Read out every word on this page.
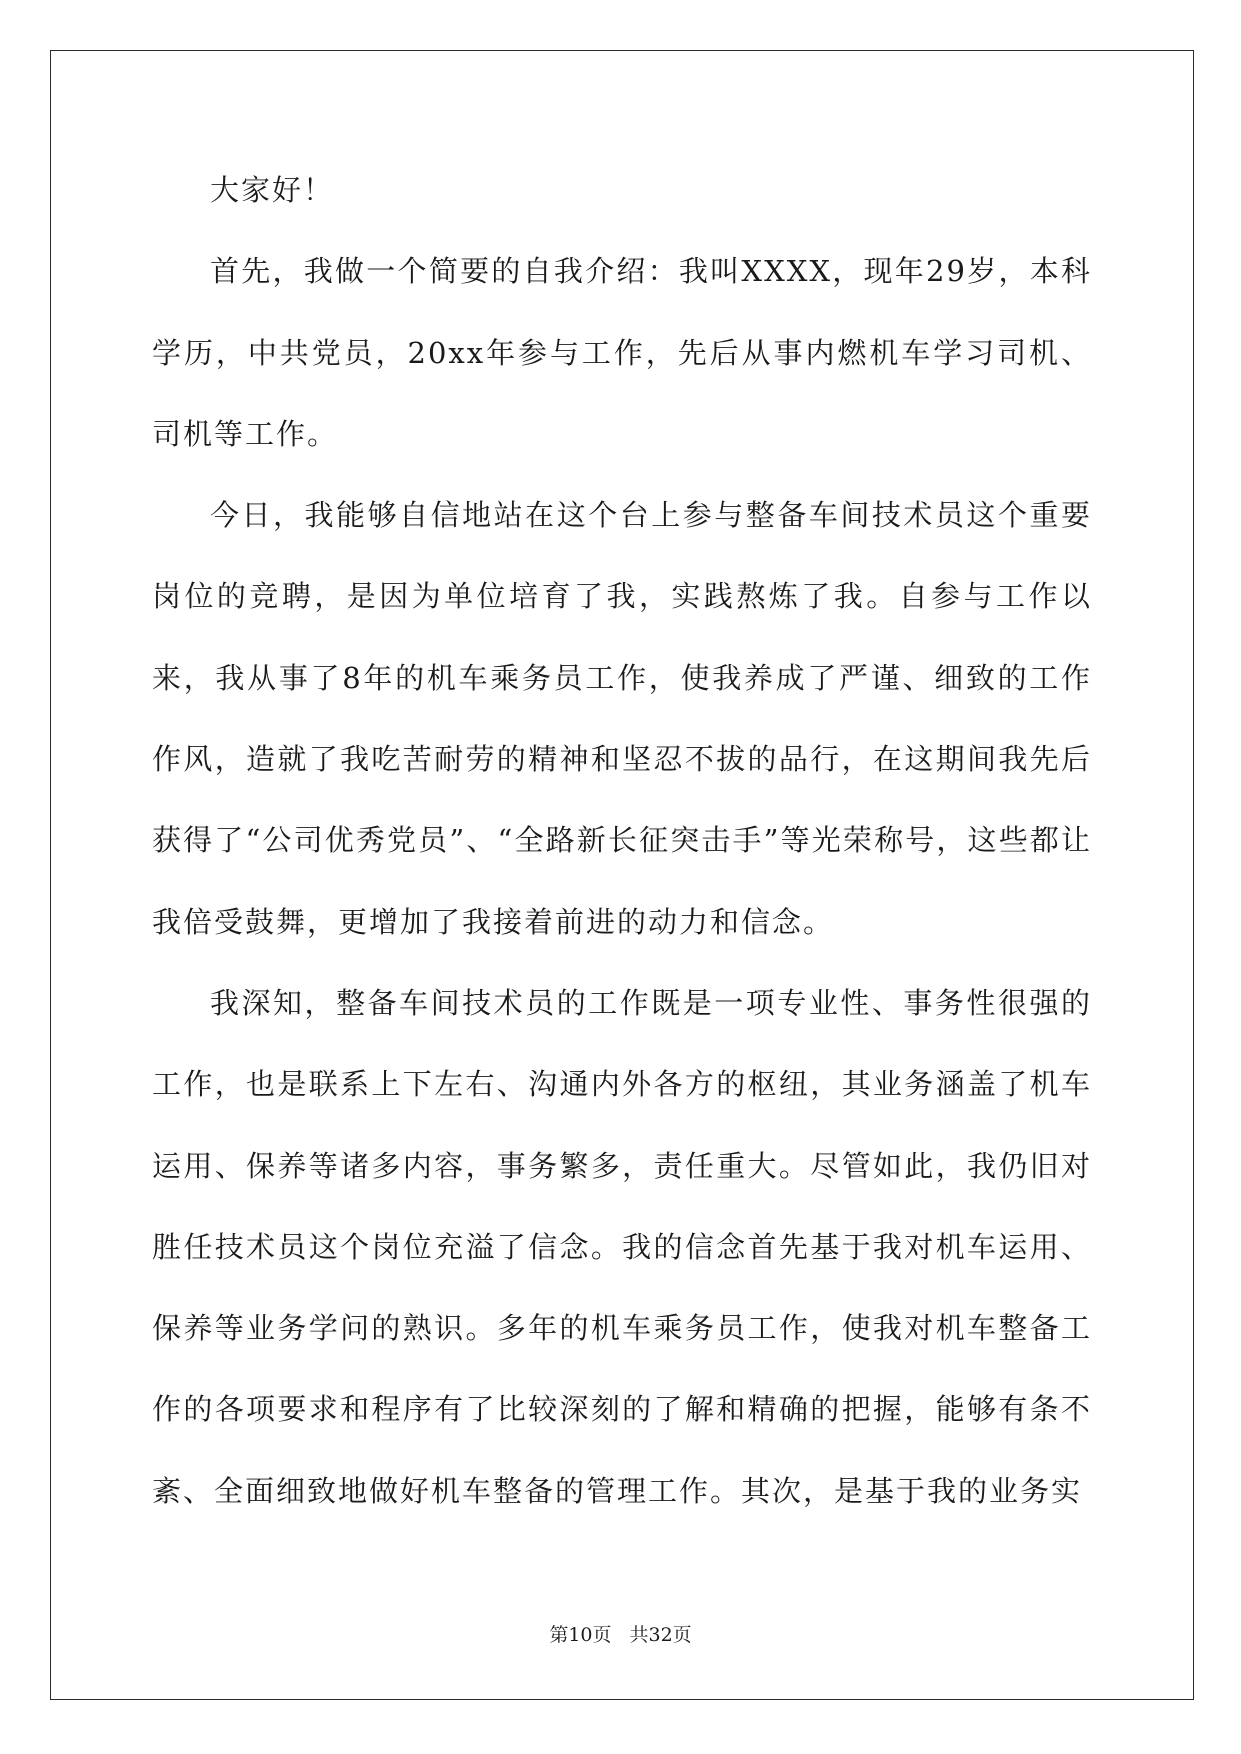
大家好！

首先，我做一个简要的自我介绍：我叫XXXX，现年29岁，本科学历，中共党员，20xx年参与工作，先后从事内燃机车学习司机、司机等工作。

今日，我能够自信地站在这个台上参与整备车间技术员这个重要岗位的竞聘，是因为单位培育了我，实践熬炼了我。自参与工作以来，我从事了8年的机车乘务员工作，使我养成了严谨、细致的工作作风，造就了我吃苦耐劳的精神和坚忍不拔的品行，在这期间我先后获得了“公司优秀党员”、“全路新长征突击手”等光荣称号，这些都让我倍受鼓舞，更增加了我接着前进的动力和信念。

我深知，整备车间技术员的工作既是一项专业性、事务性很强的工作，也是联系上下左右、沟通内外各方的枢纽，其业务涵盖了机车运用、保养等诸多内容，事务繁多，责任重大。尽管如此，我仍旧对胜任技术员这个岗位充溢了信念。我的信念首先基于我对机车运用、保养等业务学问的熟识。多年的机车乘务员工作，使我对机车整备工作的各项要求和程序有了比较深刻的了解和精确的把握，能够有条不紊、全面细致地做好机车整备的管理工作。其次，是基于我的业务实

第10页 共32页
